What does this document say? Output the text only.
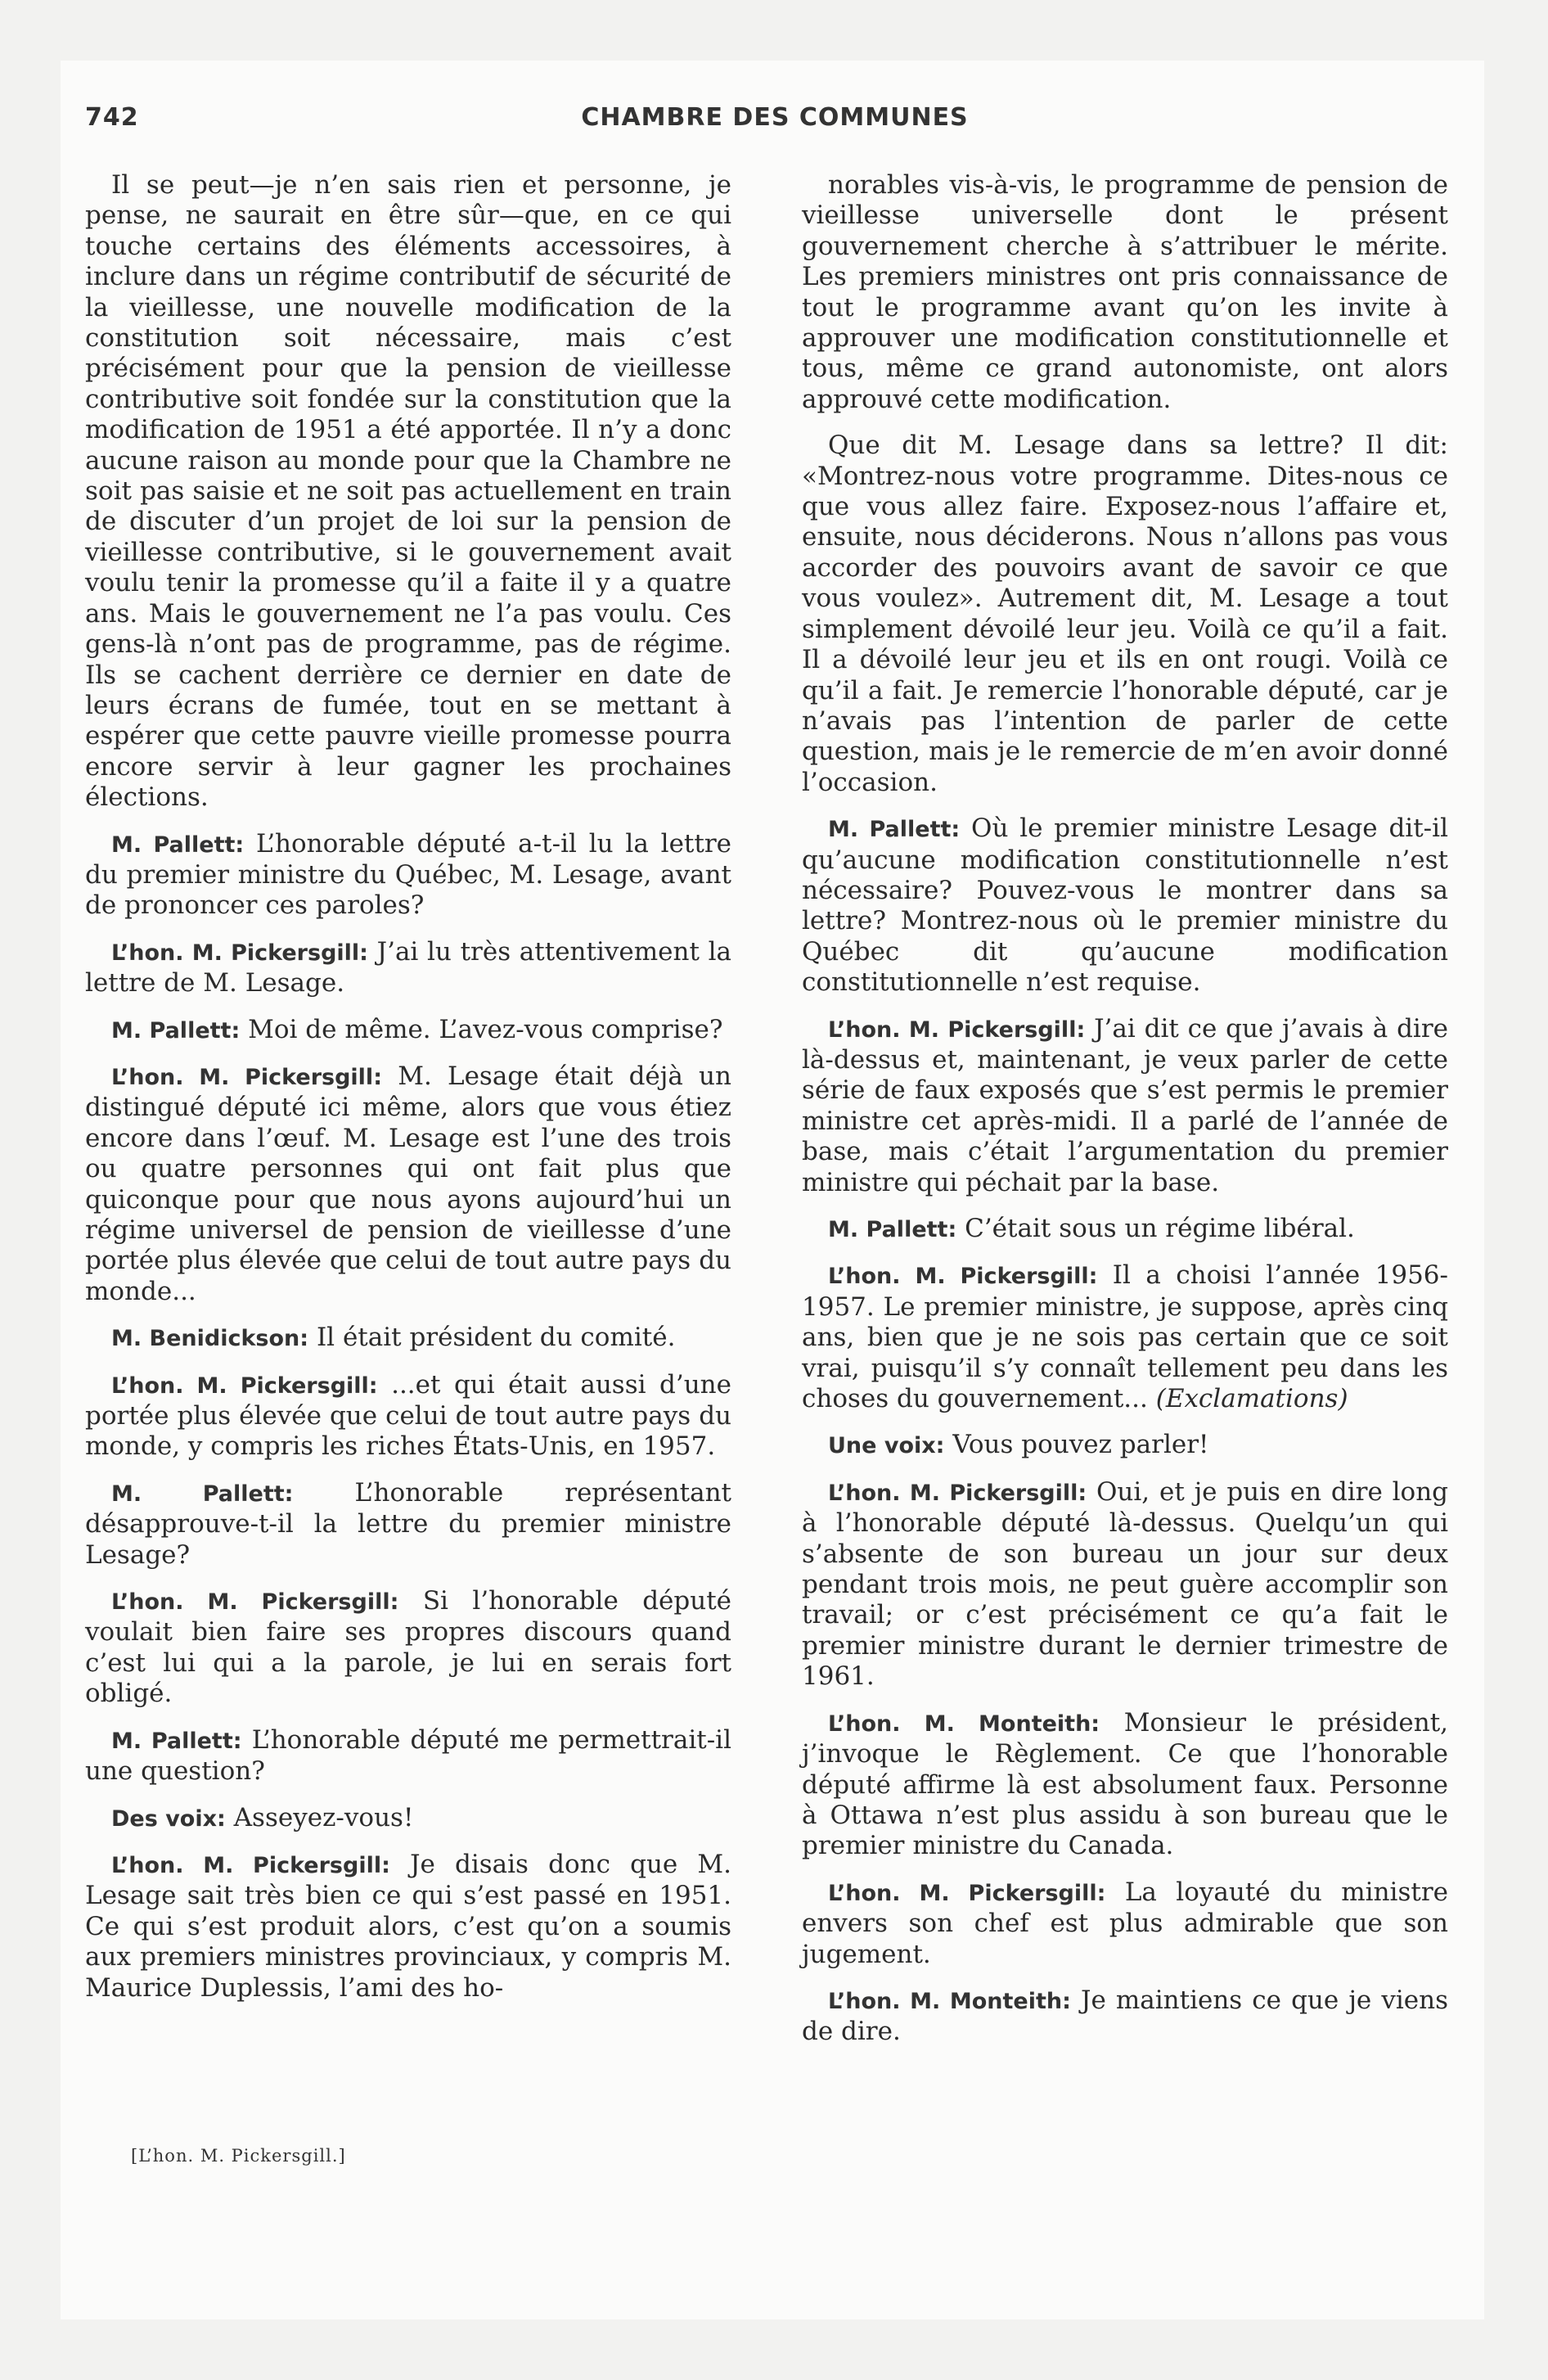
742	CHAMBRE DES COMMUNES

Il se peut—je n’en sais rien et personne, je pense, ne saurait en être sûr—que, en ce qui touche certains des éléments accessoires, à inclure dans un régime contributif de sécurité de la vieillesse, une nouvelle modification de la constitution soit nécessaire, mais c’est précisément pour que la pension de vieillesse contributive soit fondée sur la constitution que la modification de 1951 a été apportée. Il n’y a donc aucune raison au monde pour que la Chambre ne soit pas saisie et ne soit pas actuellement en train de discuter d’un projet de loi sur la pension de vieillesse contributive, si le gouvernement avait voulu tenir la promesse qu’il a faite il y a quatre ans. Mais le gouvernement ne l’a pas voulu. Ces gens-là n’ont pas de programme, pas de régime. Ils se cachent derrière ce dernier en date de leurs écrans de fumée, tout en se mettant à espérer que cette pauvre vieille promesse pourra encore servir à leur gagner les prochaines élections.

M. Pallett: L’honorable député a-t-il lu la lettre du premier ministre du Québec, M. Lesage, avant de prononcer ces paroles?

L’hon. M. Pickersgill: J’ai lu très attentivement la lettre de M. Lesage.

M. Pallett: Moi de même. L’avez-vous comprise?

L’hon. M. Pickersgill: M. Lesage était déjà un distingué député ici même, alors que vous étiez encore dans l’œuf. M. Lesage est l’une des trois ou quatre personnes qui ont fait plus que quiconque pour que nous ayons aujourd’hui un régime universel de pension de vieillesse d’une portée plus élevée que celui de tout autre pays du monde...

M. Benidickson: Il était président du comité.

L’hon. M. Pickersgill: ...et qui était aussi d’une portée plus élevée que celui de tout autre pays du monde, y compris les riches États-Unis, en 1957.

M. Pallett: L’honorable représentant désapprouve-t-il la lettre du premier ministre Lesage?

L’hon. M. Pickersgill: Si l’honorable député voulait bien faire ses propres discours quand c’est lui qui a la parole, je lui en serais fort obligé.

M. Pallett: L’honorable député me permettrait-il une question?

Des voix: Asseyez-vous!

L’hon. M. Pickersgill: Je disais donc que M. Lesage sait très bien ce qui s’est passé en 1951. Ce qui s’est produit alors, c’est qu’on a soumis aux premiers ministres provinciaux, y compris M. Maurice Duplessis, l’ami des ho-

norables vis-à-vis, le programme de pension de vieillesse universelle dont le présent gouvernement cherche à s’attribuer le mérite. Les premiers ministres ont pris connaissance de tout le programme avant qu’on les invite à approuver une modification constitutionnelle et tous, même ce grand autonomiste, ont alors approuvé cette modification.

Que dit M. Lesage dans sa lettre? Il dit: «Montrez-nous votre programme. Dites-nous ce que vous allez faire. Exposez-nous l’affaire et, ensuite, nous déciderons. Nous n’allons pas vous accorder des pouvoirs avant de savoir ce que vous voulez». Autrement dit, M. Lesage a tout simplement dévoilé leur jeu. Voilà ce qu’il a fait. Il a dévoilé leur jeu et ils en ont rougi. Voilà ce qu’il a fait. Je remercie l’honorable député, car je n’avais pas l’intention de parler de cette question, mais je le remercie de m’en avoir donné l’occasion.

M. Pallett: Où le premier ministre Lesage dit-il qu’aucune modification constitutionnelle n’est nécessaire? Pouvez-vous le montrer dans sa lettre? Montrez-nous où le premier ministre du Québec dit qu’aucune modification constitutionnelle n’est requise.

L’hon. M. Pickersgill: J’ai dit ce que j’avais à dire là-dessus et, maintenant, je veux parler de cette série de faux exposés que s’est permis le premier ministre cet après-midi. Il a parlé de l’année de base, mais c’était l’argumentation du premier ministre qui péchait par la base.

M. Pallett: C’était sous un régime libéral.

L’hon. M. Pickersgill: Il a choisi l’année 1956-1957. Le premier ministre, je suppose, après cinq ans, bien que je ne sois pas certain que ce soit vrai, puisqu’il s’y connaît tellement peu dans les choses du gouvernement... (Exclamations)

Une voix: Vous pouvez parler!

L’hon. M. Pickersgill: Oui, et je puis en dire long à l’honorable député là-dessus. Quelqu’un qui s’absente de son bureau un jour sur deux pendant trois mois, ne peut guère accomplir son travail; or c’est précisément ce qu’a fait le premier ministre durant le dernier trimestre de 1961.

L’hon. M. Monteith: Monsieur le président, j’invoque le Règlement. Ce que l’honorable député affirme là est absolument faux. Personne à Ottawa n’est plus assidu à son bureau que le premier ministre du Canada.

L’hon. M. Pickersgill: La loyauté du ministre envers son chef est plus admirable que son jugement.

L’hon. M. Monteith: Je maintiens ce que je viens de dire.

[L’hon. M. Pickersgill.]
